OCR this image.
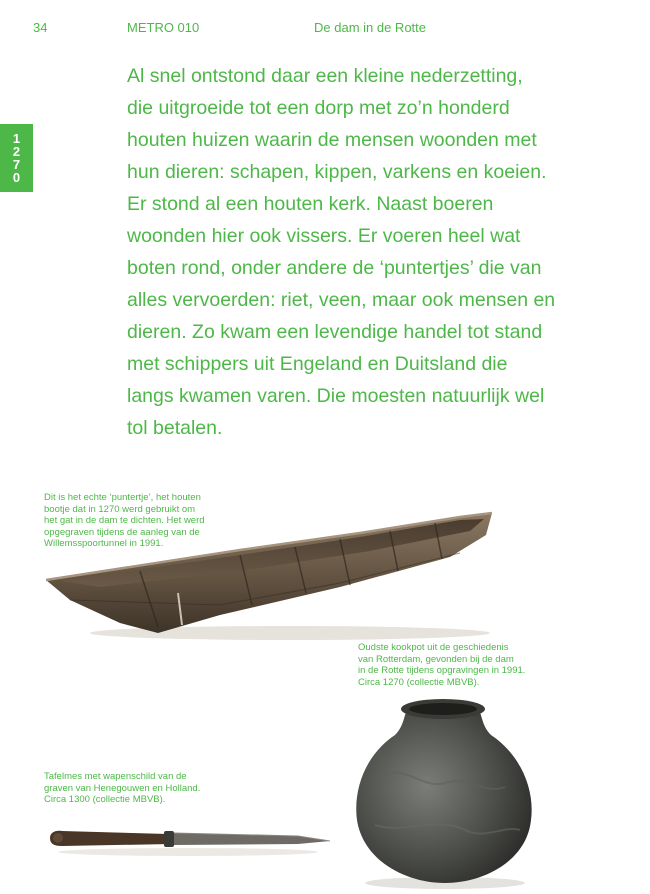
34	METRO 010	De dam in de Rotte
1
2
7
0

Al snel ontstond daar een kleine nederzetting,
die uitgroeide tot een dorp met zo’n honderd
houten huizen waarin de mensen woonden met
hun dieren: schapen, kippen, varkens en koeien.
Er stond al een houten kerk. Naast boeren
woonden hier ook vissers. Er voeren heel wat
boten rond, onder andere de ‘puntertjes’ die van
alles vervoerden: riet, veen, maar ook mensen en
dieren. Zo kwam een levendige handel tot stand
met schippers uit Engeland en Duitsland die
langs kwamen varen. Die moesten natuurlijk wel
tol betalen.

Dit is het echte ‘puntertje’, het houten
bootje dat in 1270 werd gebruikt om
het gat in de dam te dichten. Het werd
opgegraven tijdens de aanleg van de
Willemsspoortunnel in 1991.

Oudste kookpot uit de geschiedenis
van Rotterdam, gevonden bij de dam
in de Rotte tijdens opgravingen in 1991.
Circa 1270 (collectie MBVB).

Tafelmes met wapenschild van de
graven van Henegouwen en Holland.
Circa 1300 (collectie MBVB).
